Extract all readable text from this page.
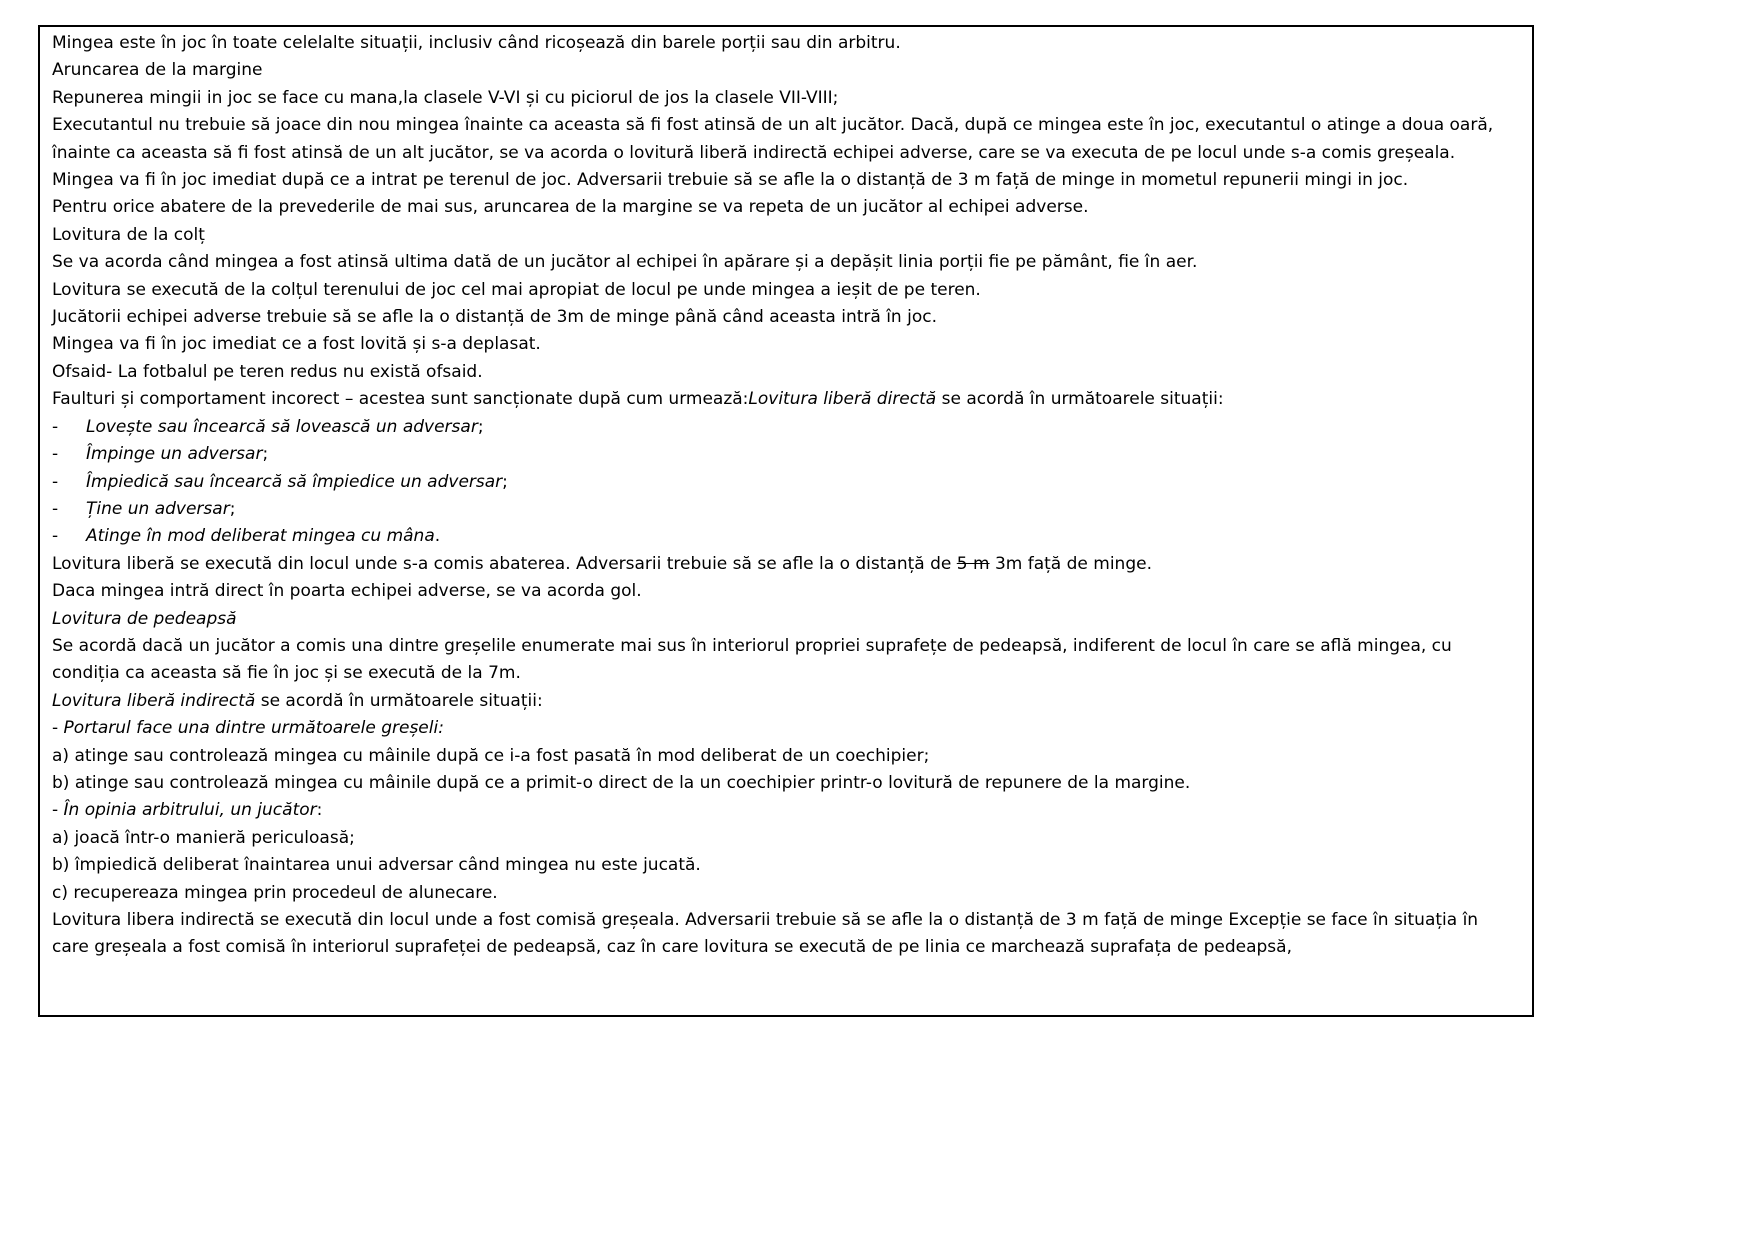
Mingea este în joc în toate celelalte situații, inclusiv când ricoșează din barele porții sau din arbitru.

Aruncarea de la margine

Repunerea mingii in joc se face cu mana,la clasele V-VI și cu piciorul de jos la clasele VII-VIII;

Executantul nu trebuie să joace din nou mingea înainte ca aceasta să fi fost atinsă de un alt jucător. Dacă, după ce mingea este în joc, executantul o atinge a doua oară, înainte ca aceasta să fi fost atinsă de un alt jucător, se va acorda o lovitură liberă indirectă echipei adverse, care se va executa de pe locul unde s-a comis greșeala.

Mingea va fi în joc imediat după ce a intrat pe terenul de joc. Adversarii trebuie să se afle la o distanță de 3 m față de minge in mometul repunerii mingi in joc.

Pentru orice abatere de la prevederile de mai sus, aruncarea de la margine se va repeta de un jucător al echipei adverse.

Lovitura de la colț

Se va acorda când mingea a fost atinsă ultima dată de un jucător al echipei în apărare și a depășit linia porții fie pe pământ, fie în aer.

Lovitura se execută de la colțul terenului de joc cel mai apropiat de locul pe unde mingea a ieșit de pe teren.

Jucătorii echipei adverse trebuie să se afle la o distanță de 3m de minge până când aceasta intră în joc.

Mingea va fi în joc imediat ce a fost lovită și s-a deplasat.

Ofsaid- La fotbalul pe teren redus nu există ofsaid.

Faulturi și comportament incorect – acestea sunt sancționate după cum urmează:Lovitura liberă directă se acordă în următoarele situații:

-	Lovește sau încearcă să lovească un adversar;

-	Împinge un adversar;

-	Împiedică sau încearcă să împiedice un adversar;

-	Ține un adversar;

-	Atinge în mod deliberat mingea cu mâna.

Lovitura liberă se execută din locul unde s-a comis abaterea. Adversarii trebuie să se afle la o distanță de 5 m 3m față de minge.

Daca mingea intră direct în poarta echipei adverse, se va acorda gol.

Lovitura de pedeapsă

Se acordă dacă un jucător a comis una dintre greșelile enumerate mai sus în interiorul propriei suprafețe de pedeapsă, indiferent de locul în care se află mingea, cu condiția ca aceasta să fie în joc și se execută de la 7m.

Lovitura liberă indirectă se acordă în următoarele situații:

- Portarul face una dintre următoarele greșeli:

a) atinge sau controlează mingea cu mâinile după ce i-a fost pasată în mod deliberat de un coechipier;

b) atinge sau controlează mingea cu mâinile după ce a primit-o direct de la un coechipier printr-o lovitură de repunere de la margine.

- În opinia arbitrului, un jucător:

a) joacă într-o manieră periculoasă;

b) împiedică deliberat înaintarea unui adversar când mingea nu este jucată.

c) recupereaza mingea prin procedeul de alunecare.

Lovitura libera indirectă se execută din locul unde a fost comisă greșeala. Adversarii trebuie să se afle la o distanță de 3 m față de minge Excepție se face în situația în care greșeala a fost comisă în interiorul suprafeței de pedeapsă, caz în care lovitura se execută de pe linia ce marchează suprafața de pedeapsă,
